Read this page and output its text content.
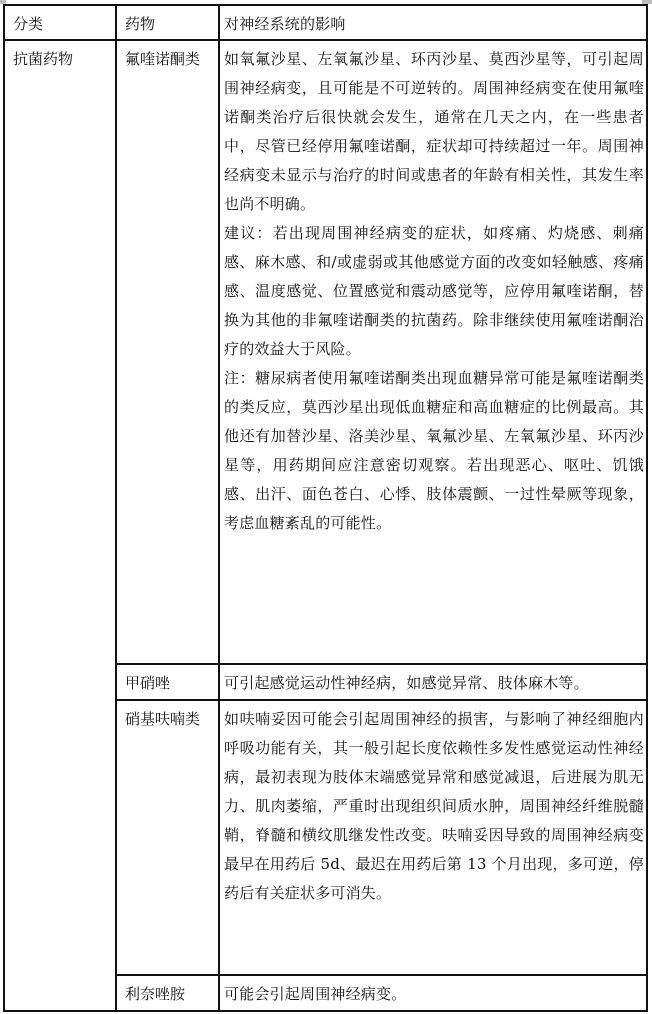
分类	药物	对神经系统的影响
抗菌药物	氟喹诺酮类	如氧氟沙星、左氧氟沙星、环丙沙星、莫西沙星等，可引起周围神经病变，且可能是不可逆转的。周围神经病变在使用氟喹诺酮类治疗后很快就会发生，通常在几天之内，在一些患者中，尽管已经停用氟喹诺酮，症状却可持续超过一年。周围神经病变未显示与治疗的时间或患者的年龄有相关性，其发生率也尚不明确。
建议：若出现周围神经病变的症状，如疼痛、灼烧感、刺痛感、麻木感、和/或虚弱或其他感觉方面的改变如轻触感、疼痛感、温度感觉、位置感觉和震动感觉等，应停用氟喹诺酮，替换为其他的非氟喹诺酮类的抗菌药。除非继续使用氟喹诺酮治疗的效益大于风险。
注：糖尿病者使用氟喹诺酮类出现血糖异常可能是氟喹诺酮类的类反应，莫西沙星出现低血糖症和高血糖症的比例最高。其他还有加替沙星、洛美沙星、氧氟沙星、左氧氟沙星、环丙沙星等，用药期间应注意密切观察。若出现恶心、呕吐、饥饿感、出汗、面色苍白、心悸、肢体震颤、一过性晕厥等现象，考虑血糖紊乱的可能性。

	甲硝唑	可引起感觉运动性神经病，如感觉异常、肢体麻木等。

	硝基呋喃类	如呋喃妥因可能会引起周围神经的损害，与影响了神经细胞内呼吸功能有关，其一般引起长度依赖性多发性感觉运动性神经病，最初表现为肢体末端感觉异常和感觉减退，后进展为肌无力、肌肉萎缩，严重时出现组织间质水肿，周围神经纤维脱髓鞘，脊髓和横纹肌继发性改变。呋喃妥因导致的周围神经病变最早在用药后 5d、最迟在用药后第 13 个月出现，多可逆，停药后有关症状多可消失。

	利奈唑胺	可能会引起周围神经病变。
